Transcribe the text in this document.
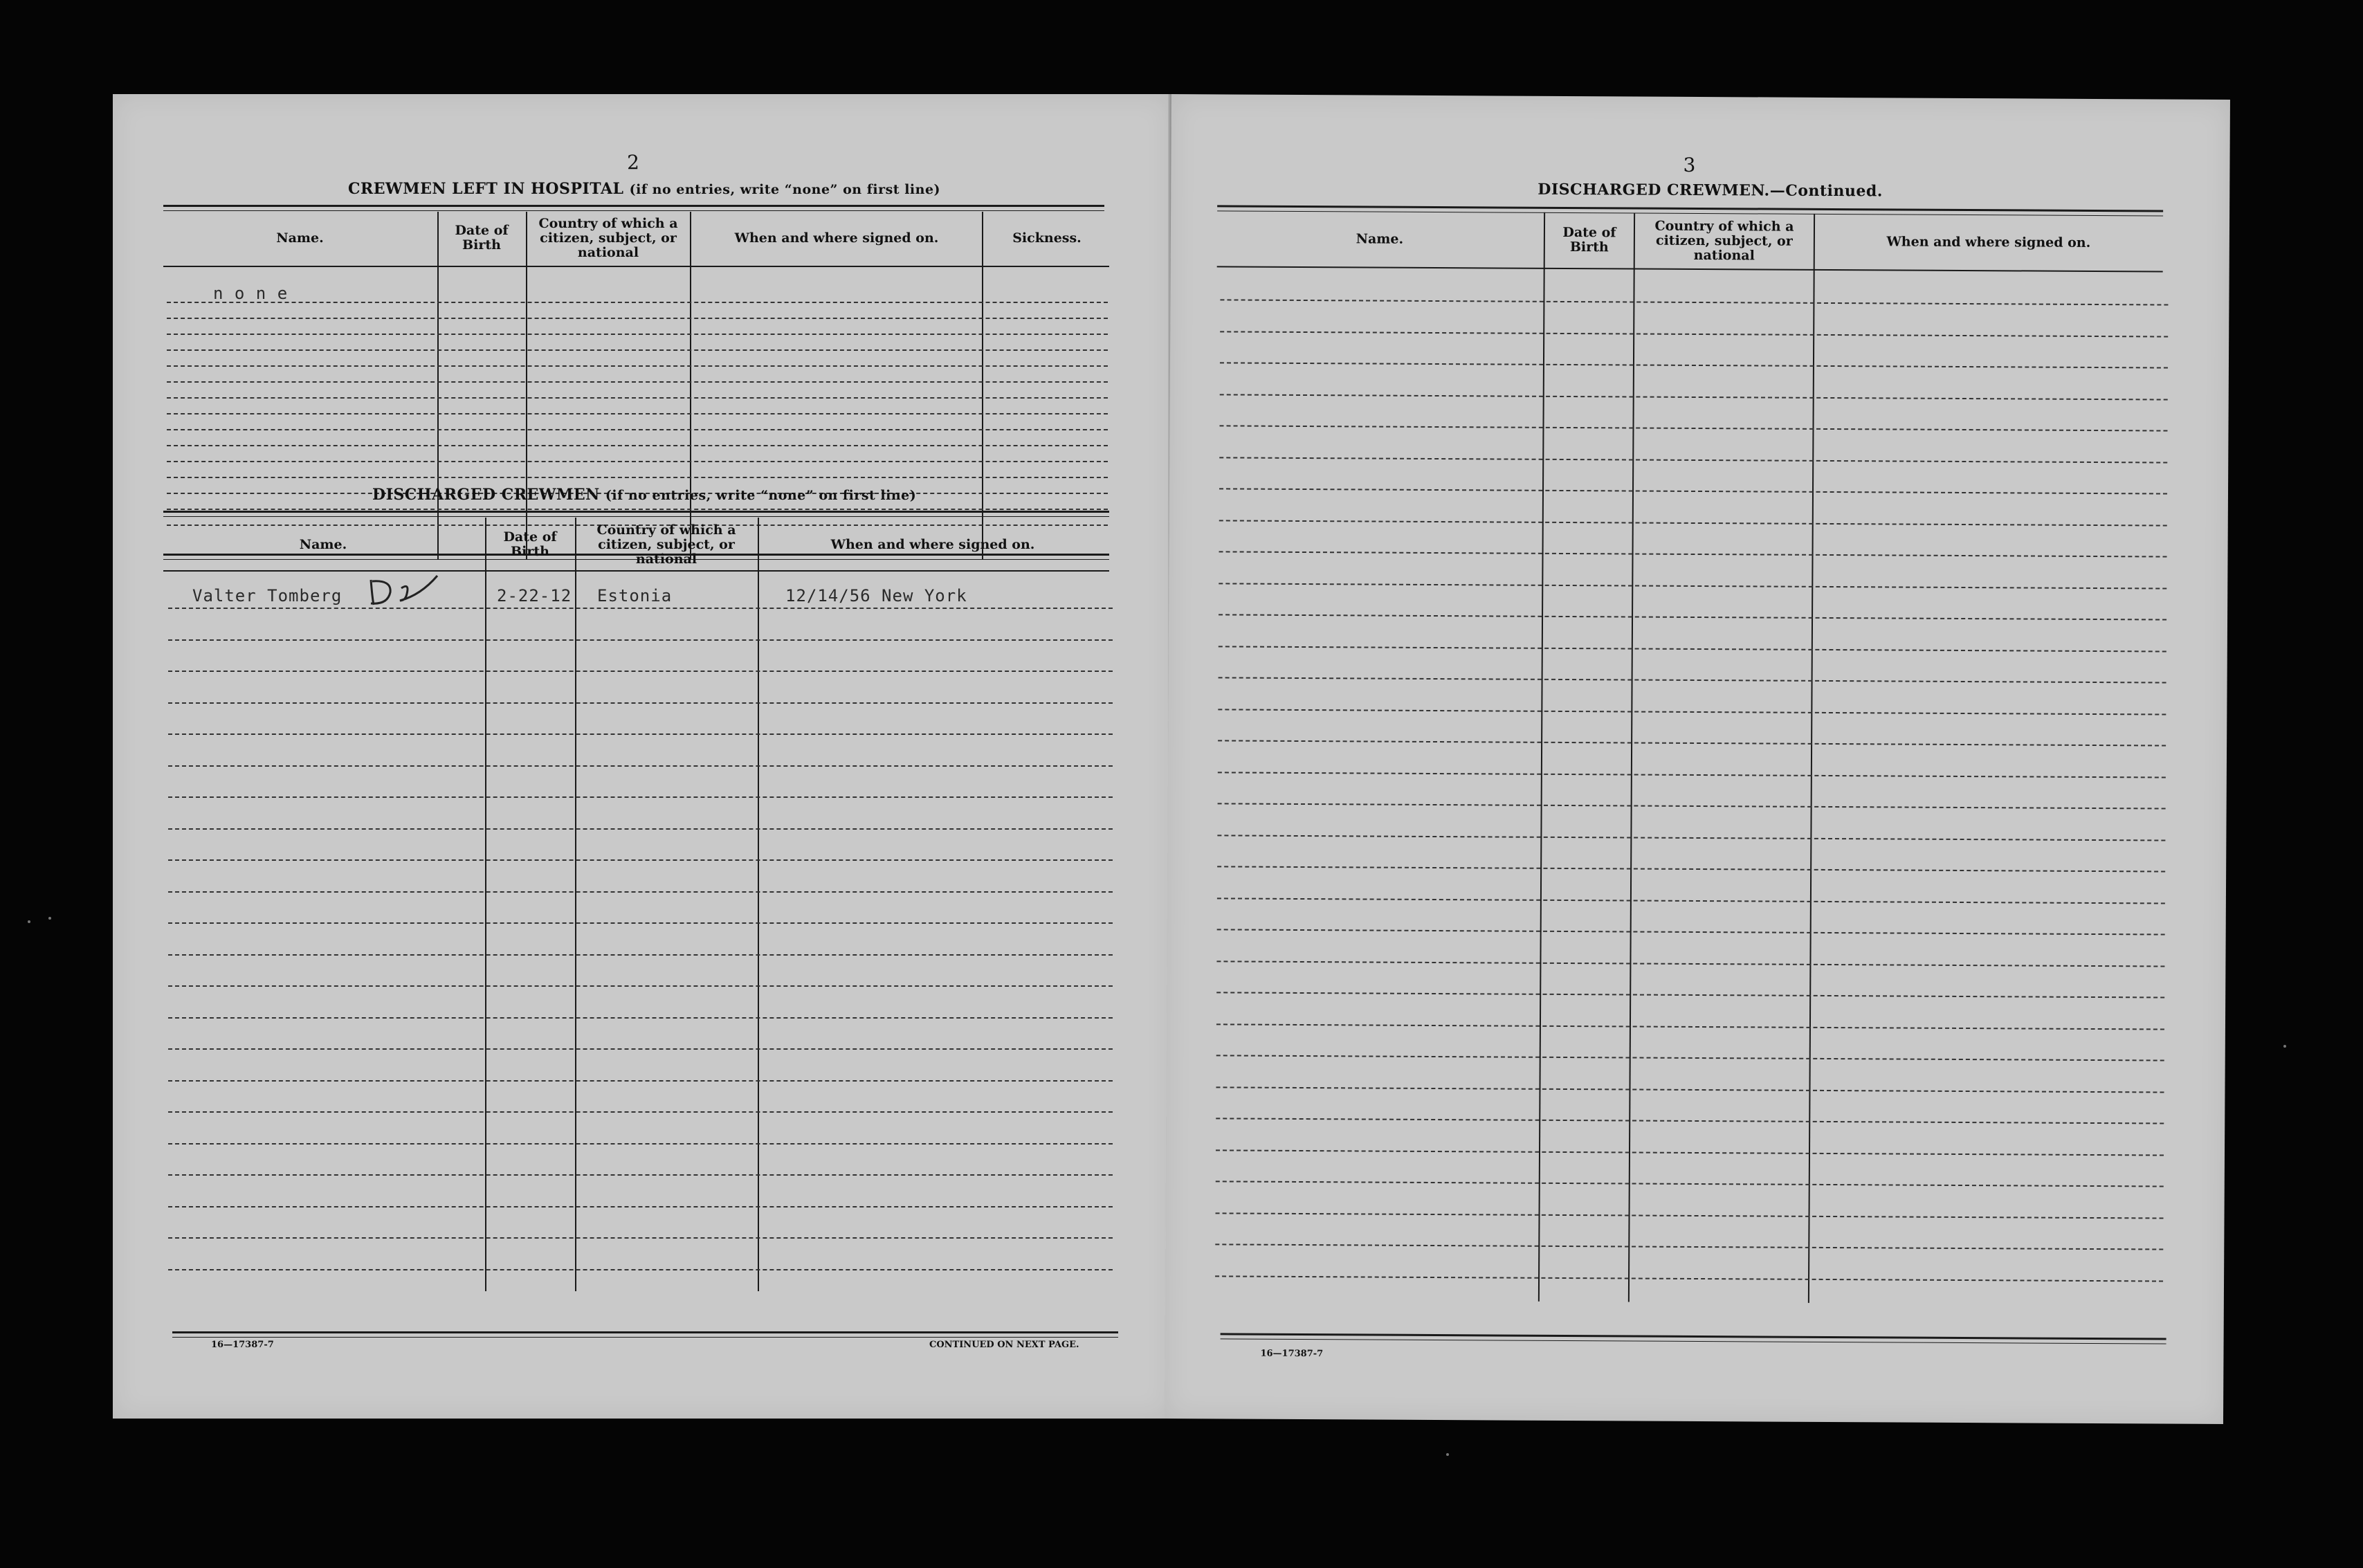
2
CREWMEN LEFT IN HOSPITAL (if no entries, write “none” on first line)
Name.	Date of Birth
Country of which a citizen, subject, or national
When and where signed on.	Sickness.
n o n e
DISCHARGED CREWMEN (if no entries, write “none” on first line)
Name.	Date of Birth
Country of which a citizen, subject, or national
When and where signed on.
Valter Tomberg	2-22-12 Estonia	12/14/56 New York
16—17387-7	CONTINUED ON NEXT PAGE.
3
DISCHARGED CREWMEN.—Continued.
Name.	Date of Birth
Country of which a citizen, subject, or national
When and where signed on.
16—17387-7
